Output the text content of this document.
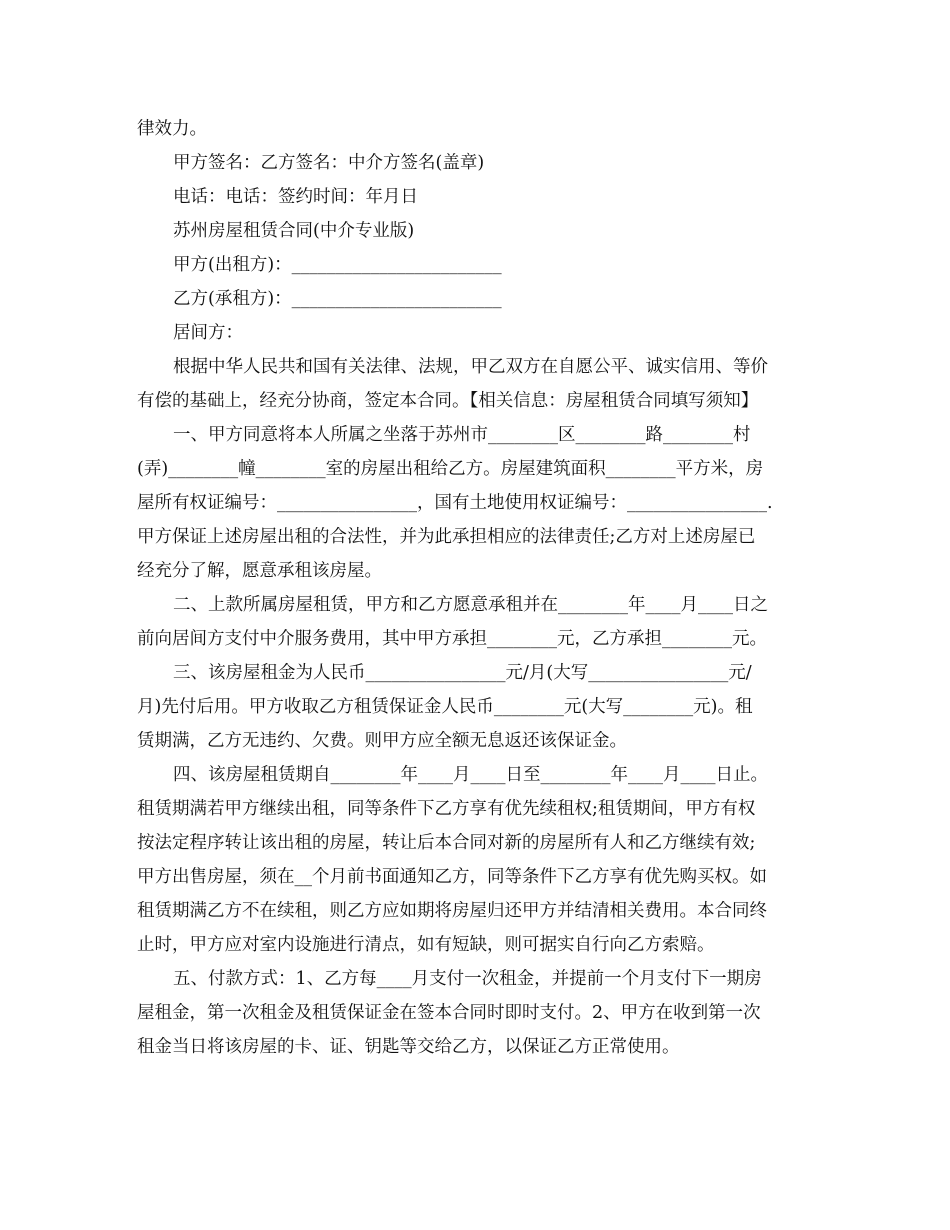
律效力。
甲方签名：乙方签名：中介方签名(盖章)
电话：电话：签约时间：年月日
苏州房屋租赁合同(中介专业版)
甲方(出租方)：________________________
乙方(承租方)：________________________
居间方：
根据中华人民共和国有关法律、法规，甲乙双方在自愿公平、诚实信用、等价
有偿的基础上，经充分协商，签定本合同。【相关信息：房屋租赁合同填写须知】
一、甲方同意将本人所属之坐落于苏州市________区________路________村
(弄)________幢________室的房屋出租给乙方。房屋建筑面积________平方米，房
屋所有权证编号：________________，国有土地使用权证编号：________________.
甲方保证上述房屋出租的合法性，并为此承担相应的法律责任;乙方对上述房屋已
经充分了解，愿意承租该房屋。
二、上款所属房屋租赁，甲方和乙方愿意承租并在________年____月____日之
前向居间方支付中介服务费用，其中甲方承担________元，乙方承担________元。
三、该房屋租金为人民币________________元/月(大写________________元/
月)先付后用。甲方收取乙方租赁保证金人民币________元(大写________元)。租
赁期满，乙方无违约、欠费。则甲方应全额无息返还该保证金。
四、该房屋租赁期自________年____月____日至________年____月____日止。
租赁期满若甲方继续出租，同等条件下乙方享有优先续租权;租赁期间，甲方有权
按法定程序转让该出租的房屋，转让后本合同对新的房屋所有人和乙方继续有效;
甲方出售房屋，须在__个月前书面通知乙方，同等条件下乙方享有优先购买权。如
租赁期满乙方不在续租，则乙方应如期将房屋归还甲方并结清相关费用。本合同终
止时，甲方应对室内设施进行清点，如有短缺，则可据实自行向乙方索赔。
五、付款方式：1、乙方每____月支付一次租金，并提前一个月支付下一期房
屋租金，第一次租金及租赁保证金在签本合同时即时支付。2、甲方在收到第一次
租金当日将该房屋的卡、证、钥匙等交给乙方，以保证乙方正常使用。
